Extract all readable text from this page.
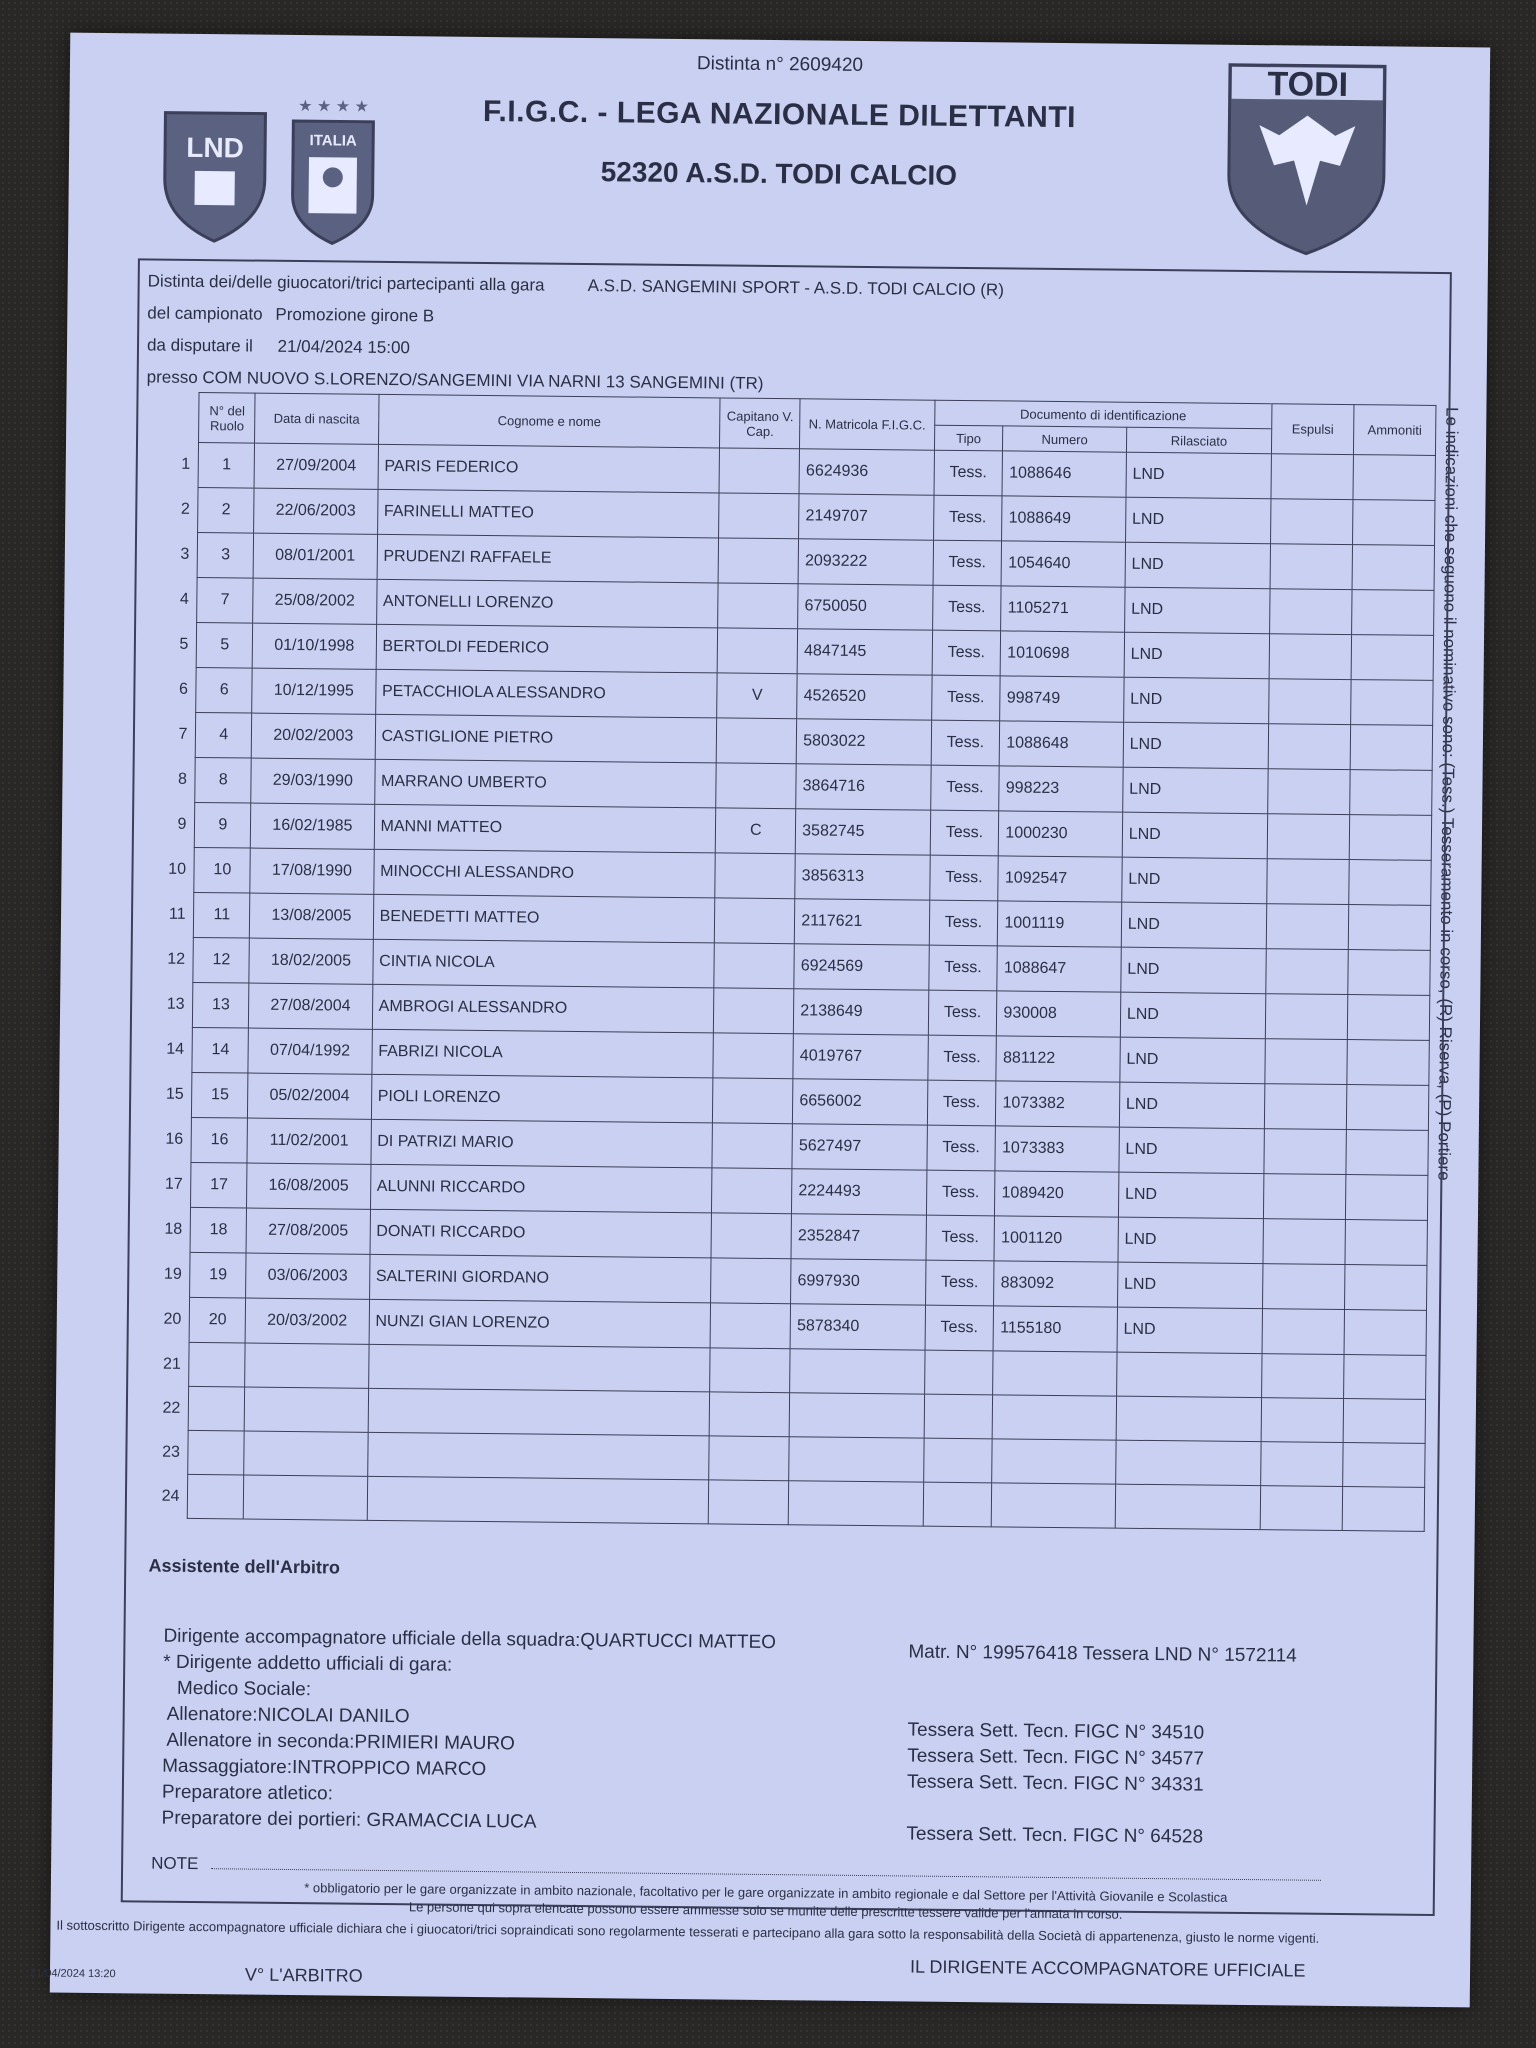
Distinta n° 2609420
F.I.G.C. - LEGA NAZIONALE DILETTANTI
52320 A.S.D. TODI CALCIO
LND
★ ★ ★ ★
ITALIA
TODI
Le indicazioni che seguono il nominativo sono: (Tess.) Tesseramento in corso, (R) Riserva, (P) Portiere
Distinta dei/delle giuocatori/trici partecipanti alla gara	A.S.D. SANGEMINI SPORT - A.S.D. TODI CALCIO (R)
del campionato Promozione girone B
da disputare il 21/04/2024 15:00
presso COM NUOVO S.LORENZO/SANGEMINI VIA NARNI 13 SANGEMINI (TR)
	N° del Ruolo	Data di nascita	Cognome e nome	Capitano V. Cap.	N. Matricola F.I.G.C.	Documento di identificazione			Espulsi	Ammoniti
						Tipo	Numero	Rilasciato		
1	1	27/09/2004	PARIS FEDERICO		6624936	Tess.	1088646	LND		
2	2	22/06/2003	FARINELLI MATTEO		2149707	Tess.	1088649	LND		
3	3	08/01/2001	PRUDENZI RAFFAELE		2093222	Tess.	1054640	LND		
4	7	25/08/2002	ANTONELLI LORENZO		6750050	Tess.	1105271	LND		
5	5	01/10/1998	BERTOLDI FEDERICO		4847145	Tess.	1010698	LND		
6	6	10/12/1995	PETACCHIOLA ALESSANDRO	V	4526520	Tess.	998749	LND		
7	4	20/02/2003	CASTIGLIONE PIETRO		5803022	Tess.	1088648	LND		
8	8	29/03/1990	MARRANO UMBERTO		3864716	Tess.	998223	LND		
9	9	16/02/1985	MANNI MATTEO	C	3582745	Tess.	1000230	LND		
10	10	17/08/1990	MINOCCHI ALESSANDRO		3856313	Tess.	1092547	LND		
11	11	13/08/2005	BENEDETTI MATTEO		2117621	Tess.	1001119	LND		
12	12	18/02/2005	CINTIA NICOLA		6924569	Tess.	1088647	LND		
13	13	27/08/2004	AMBROGI ALESSANDRO		2138649	Tess.	930008	LND		
14	14	07/04/1992	FABRIZI NICOLA		4019767	Tess.	881122	LND		
15	15	05/02/2004	PIOLI LORENZO		6656002	Tess.	1073382	LND		
16	16	11/02/2001	DI PATRIZI MARIO		5627497	Tess.	1073383	LND		
17	17	16/08/2005	ALUNNI RICCARDO		2224493	Tess.	1089420	LND		
18	18	27/08/2005	DONATI RICCARDO		2352847	Tess.	1001120	LND		
19	19	03/06/2003	SALTERINI GIORDANO		6997930	Tess.	883092	LND		
20	20	20/03/2002	NUNZI GIAN LORENZO		5878340	Tess.	1155180	LND		
21										
22										
23										
24										
Assistente dell'Arbitro
Dirigente accompagnatore ufficiale della squadra:QUARTUCCI MATTEO
* Dirigente addetto ufficiali di gara:
Medico Sociale:
Allenatore:NICOLAI DANILO
Allenatore in seconda:PRIMIERI MAURO
Massaggiatore:INTROPPICO MARCO
Preparatore atletico:
Preparatore dei portieri: GRAMACCIA LUCA
Matr. N° 199576418 Tessera LND N° 1572114
Tessera Sett. Tecn. FIGC N° 34510
Tessera Sett. Tecn. FIGC N° 34577
Tessera Sett. Tecn. FIGC N° 34331
Tessera Sett. Tecn. FIGC N° 64528
NOTE
* obbligatorio per le gare organizzate in ambito nazionale, facoltativo per le gare organizzate in ambito regionale e dal Settore per l'Attività Giovanile e Scolastica
Le persone qui sopra elencate possono essere ammesse solo se munite delle prescritte tessere valide per l'annata in corso.
Il sottoscritto Dirigente accompagnatore ufficiale dichiara che i giuocatori/trici sopraindicati sono regolarmente tesserati e partecipano alla gara sotto la responsabilità della Società di appartenenza, giusto le norme vigenti.
V° L'ARBITRO	IL DIRIGENTE ACCOMPAGNATORE UFFICIALE
21/04/2024 13:20
